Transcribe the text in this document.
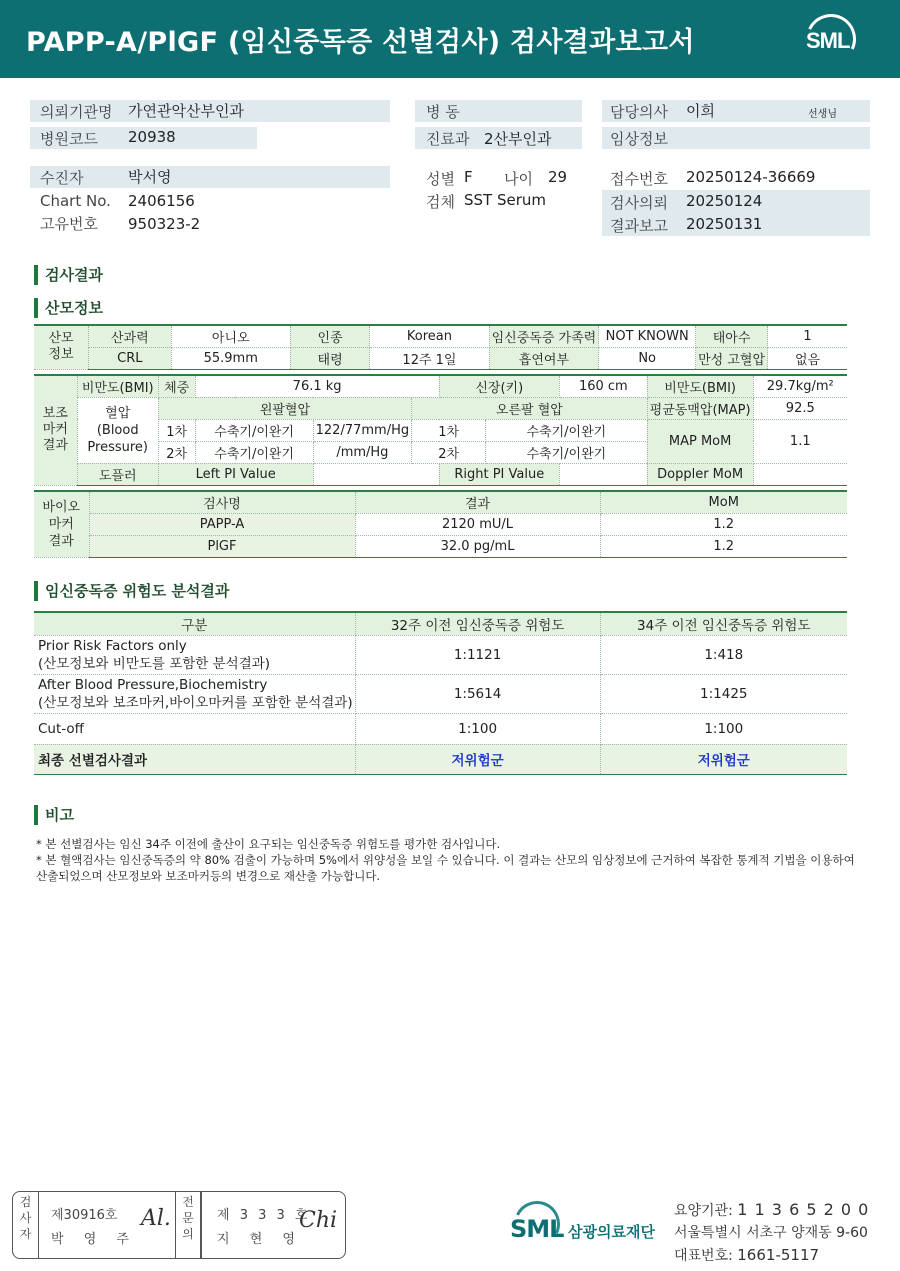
PAPP-A/PlGF (임신중독증 선별검사) 검사결과보고서	SML
의뢰기관명 가연관악산부인과
병원코드 20938
수진자	박서영
Chart No. 2406156
고유번호 950323-2
병 동
진료과 2산부인과
성별 F 나이 29
검체 SST Serum
담당의사 이희	선생님
임상정보
접수번호 20250124-36669
검사의뢰 20250124
결과보고 20250131
검사결과
산모정보
산모
정보	산과력	아니오	인종	Korean	임신중독증 가족력	NOT KNOWN	태아수	1
	CRL	55.9mm	태령	12주 1일	흡연여부	No	만성 고혈압	없음
보조
마커
결과	비만도(BMI)	체중	76.1 kg			신장(키)		160 cm	비만도(BMI)	29.7kg/m²
	혈압
(Blood
Pressure)	왼팔혈압			오른팔 혈압				평균동맥압(MAP)	92.5
		1차	수축기/이완기	122/77mm/Hg	1차		수축기/이완기		MAP MoM	1.1
		2차	수축기/이완기	/mm/Hg	2차		수축기/이완기			
	도플러	Left PI Value				Right PI Value			Doppler MoM	
바이오
마커
결과	검사명	결과	MoM
	PAPP-A	2120 mU/L	1.2
	PlGF	32.0 pg/mL	1.2
임신중독증 위험도 분석결과
구분	32주 이전 임신중독증 위험도	34주 이전 임신중독증 위험도

Prior Risk Factors only
(산모정보와 비만도를 포함한 분석결과)	1:1121	1:418

After Blood Pressure,Biochemistry
(산모정보와 보조마커,바이오마커를 포함한 분석결과)	1:5614	1:1425
Cut-off	1:100	1:100
최종 선별검사결과	저위험군	저위험군
비고
* 본 선별검사는 임신 34주 이전에 출산이 요구되는 임신중독증 위험도를 평가한 검사입니다.
* 본 혈액검사는 임신중독증의 약 80% 검출이 가능하며 5%에서 위양성을 보일 수 있습니다. 이 결과는 산모의 임상정보에 근거하여 복잡한 통계적 기법을 이용하여 산출되었으며 산모정보와 보조마커등의 변경으로 재산출 가능합니다.
검
사
자
제30916호
박 영 주
Al.
전
문
의
제 3 3 3 호
지 현 영
Chi	SML 삼광의료재단
요양기관: 1 1 3 6 5 2 0 0
서울특별시 서초구 양재동 9-60
대표번호: 1661-5117
